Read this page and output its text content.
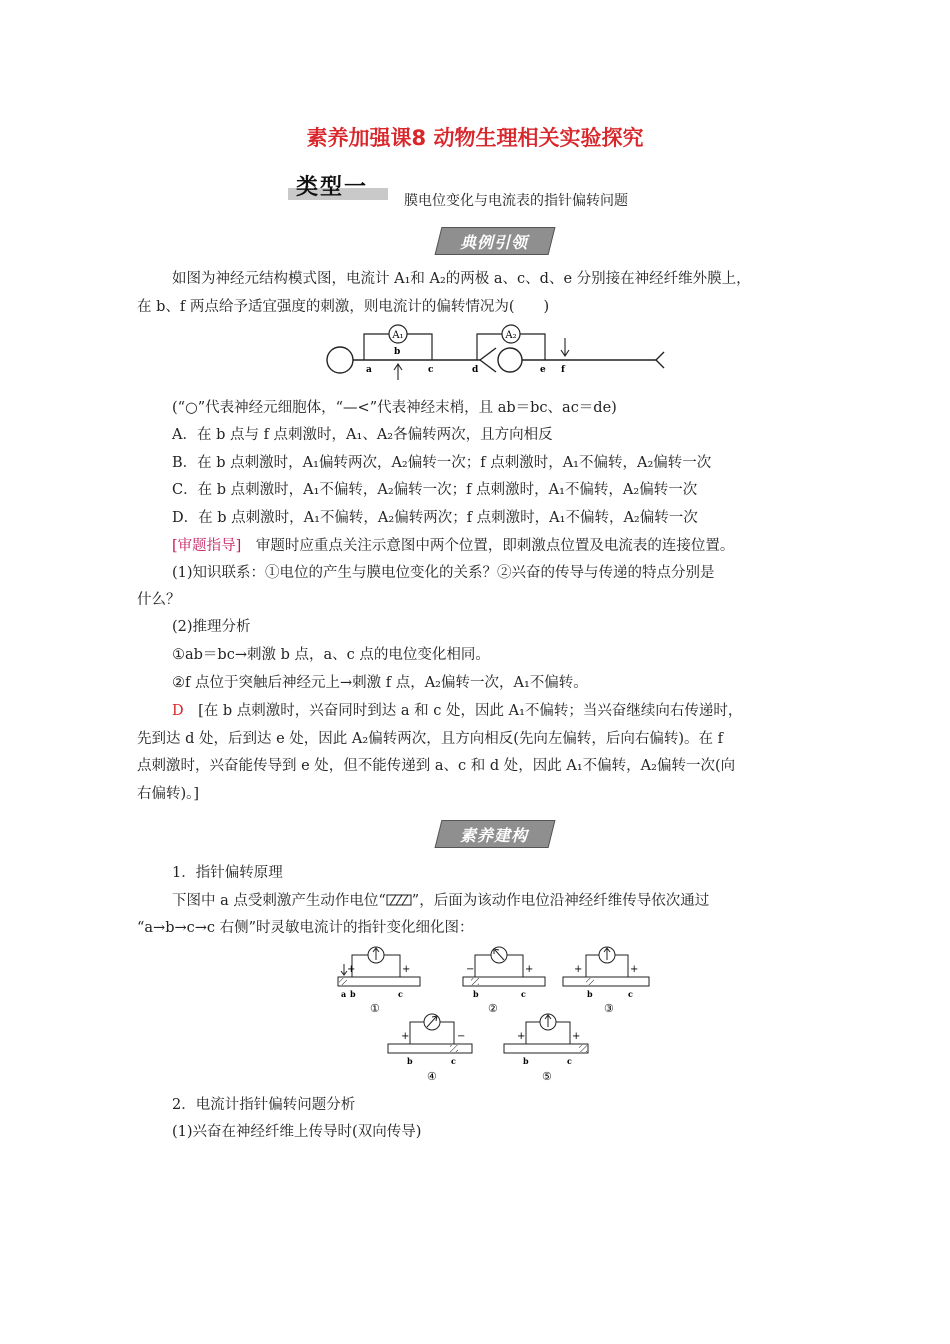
素养加强课8 动物生理相关实验探究
类型一
膜电位变化与电流表的指针偏转问题
典例引领
如图为神经元结构模式图，电流计 A₁和 A₂的两极 a、c、d、e 分别接在神经纤维外膜上，
在 b、f 两点给予适宜强度的刺激，则电流计的偏转情况为(　　)
A₁	A₂
a
b
c	d	e f
(“○”代表神经元细胞体，“—<”代表神经末梢，且 ab＝bc、ac＝de)
A．在 b 点与 f 点刺激时，A₁、A₂各偏转两次，且方向相反
B．在 b 点刺激时，A₁偏转两次，A₂偏转一次；f 点刺激时，A₁不偏转，A₂偏转一次
C．在 b 点刺激时，A₁不偏转，A₂偏转一次；f 点刺激时，A₁不偏转，A₂偏转一次
D．在 b 点刺激时，A₁不偏转，A₂偏转两次；f 点刺激时，A₁不偏转，A₂偏转一次
[审题指导]　审题时应重点关注示意图中两个位置，即刺激点位置及电流表的连接位置。
(1)知识联系：①电位的产生与膜电位变化的关系？②兴奋的传导与传递的特点分别是
什么？
(2)推理分析
①ab＝bc→刺激 b 点，a、c 点的电位变化相同。
②f 点位于突触后神经元上→刺激 f 点，A₂偏转一次，A₁不偏转。
D　[在 b 点刺激时，兴奋同时到达 a 和 c 处，因此 A₁不偏转；当兴奋继续向右传递时，
先到达 d 处，后到达 e 处，因此 A₂偏转两次，且方向相反(先向左偏转，后向右偏转)。在 f
点刺激时，兴奋能传导到 e 处，但不能传递到 a、c 和 d 处，因此 A₁不偏转，A₂偏转一次(向
右偏转)。]
素养建构
1．指针偏转原理
下图中 a 点受刺激产生动作电位“ ”，后面为该动作电位沿神经纤维传导依次通过
“a→b→c→c 右侧”时灵敏电流计的指针变化细化图：
+	+
a b	c
①
−	+
b	c
②
+	−
b	c
④
+	+
b	c
⑤
+	+
b	c
③
2．电流计指针偏转问题分析
(1)兴奋在神经纤维上传导时(双向传导)
